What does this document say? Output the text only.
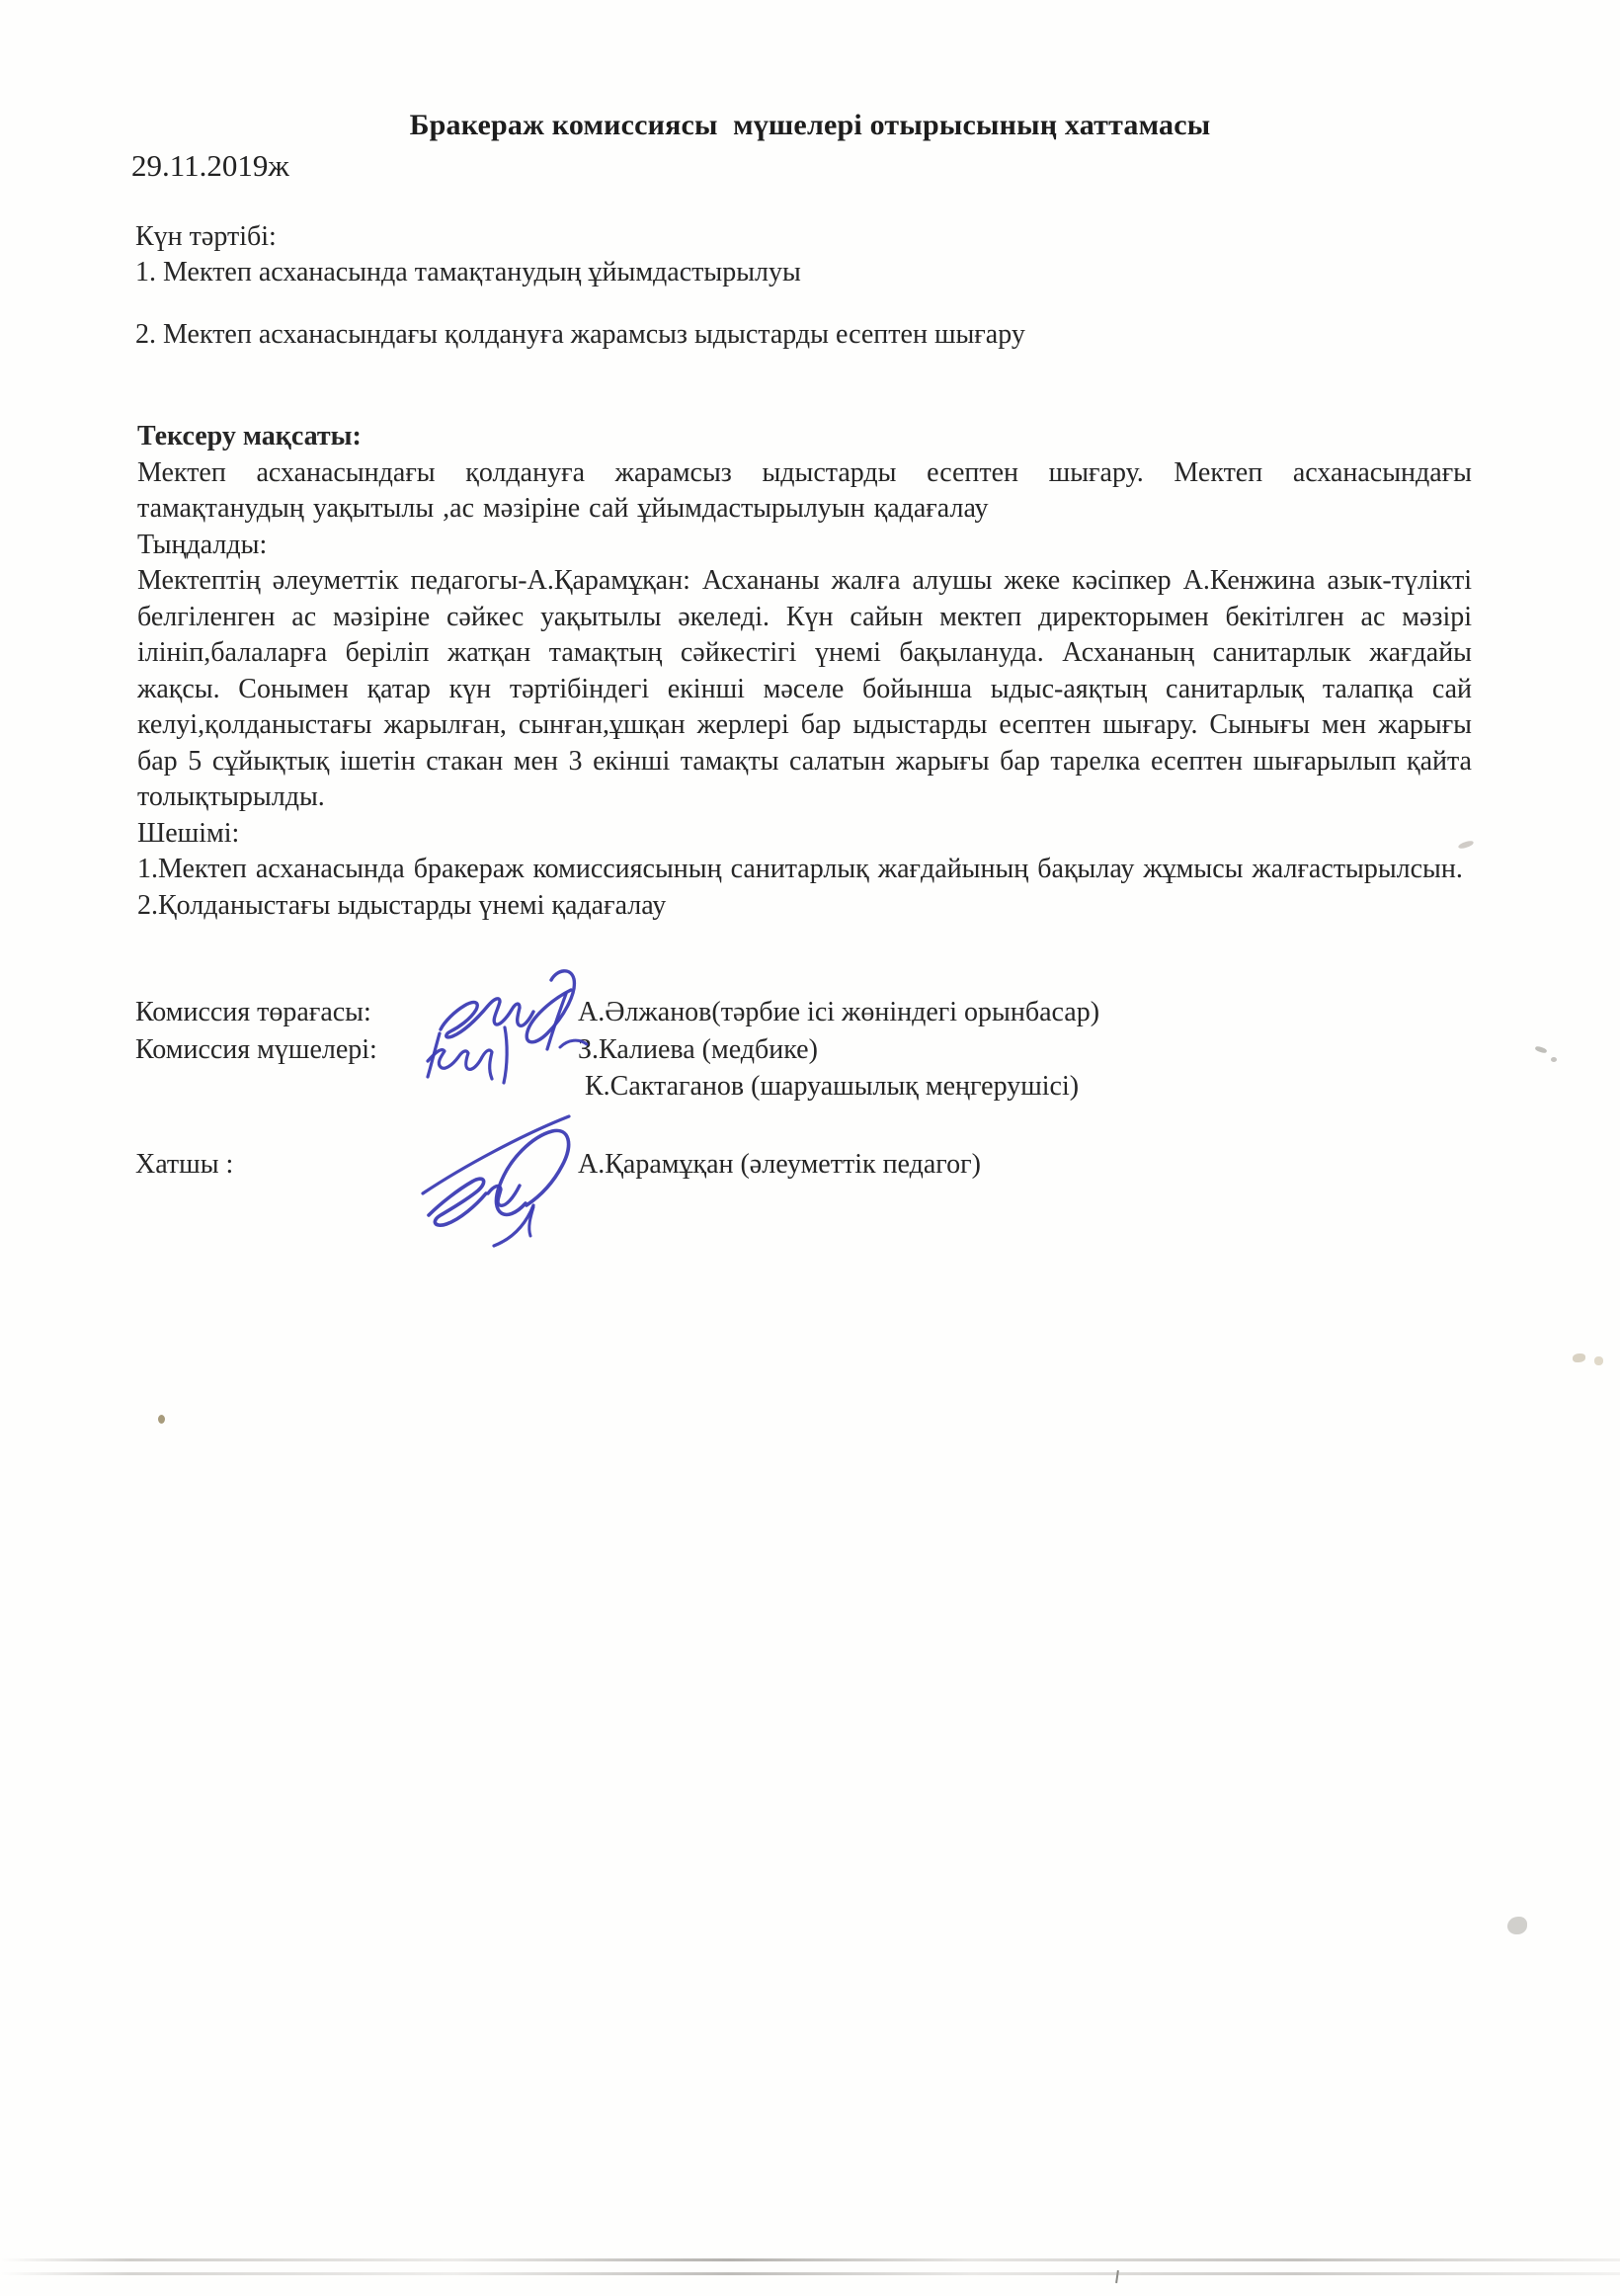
Бракераж комиссиясы  мүшелері отырысының хаттамасы
29.11.2019ж
Күн тәртібі:
1. Мектеп асханасында тамақтанудың ұйымдастырылуы
2. Мектеп асханасындағы қолдануға жарамсыз ыдыстарды есептен шығару
Тексеру мақсаты:
Мектеп асханасындағы қолдануға жарамсыз ыдыстарды есептен шығару. Мектеп асханасындағы тамақтанудың уақытылы ,ас мәзіріне сай ұйымдастырылуын қадағалау
Тыңдалды:
Мектептің әлеуметтік педагогы-А.Қарамұқан: Асхананы жалға алушы жеке кәсіпкер А.Кенжина азык-түлікті белгіленген ас мәзіріне сәйкес уақытылы әкеледі. Күн сайын мектеп директорымен бекітілген ас мәзірі ілініп,балаларға беріліп жатқан тамақтың сәйкестігі үнемі бақылануда. Асхананың санитарлык жағдайы жақсы. Сонымен қатар күн тәртібіндегі екінші мәселе бойынша ыдыс-аяқтың санитарлық талапқа сай келуі,қолданыстағы жарылған, сынған,ұшқан жерлері бар ыдыстарды есептен шығару. Сынығы мен жарығы бар 5 сұйықтық ішетін стакан мен 3 екінші тамақты салатын жарығы бар тарелка есептен шығарылып қайта толықтырылды.
Шешімі:
1.Мектеп асханасында бракераж комиссиясының санитарлық жағдайының бақылау жұмысы жалғастырылсын.
2.Қолданыстағы ыдыстарды үнемі қадағалау
Комиссия төрағасы:	А.Әлжанов(тәрбие ісі жөніндегі орынбасар)
Комиссия мүшелері:	З.Калиева (медбике)
К.Сактаганов (шаруашылық меңгерушісі)
Хатшы :	А.Қарамұқан (әлеуметтік педагог)
